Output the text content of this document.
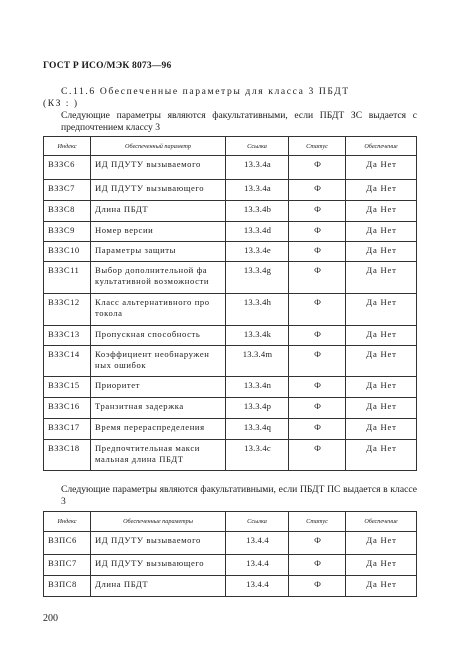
ГОСТ Р ИСО/МЭК 8073—96
С.11.6 Обеспеченные параметры для класса 3 ПБДТ
(КЗ : )
Следующие параметры являются факультативными, если ПБДТ ЗС выдается с предпочтением классу 3
Индекс	Обеспеченный параметр	Ссылка	Статус	Обеспечение
ВЗЗС6	ИД ПДУТУ вызываемого	13.3.4a	Ф	Да Нет
ВЗЗС7	ИД ПДУТУ вызывающего	13.3.4a	Ф	Да Нет
ВЗЗС8	Длина ПБДТ	13.3.4b	Ф	Да Нет
ВЗЗС9	Номер версии	13.3.4d	Ф	Да Нет
ВЗЗС10	Параметры защиты	13.3.4е	Ф	Да Нет
ВЗЗС11	Выбор дополнительной фа культативной возможности	13.3.4g	Ф	Да Нет
ВЗЗС12	Класс альтернативного про токола	13.3.4h	Ф	Да Нет
ВЗЗС13	Пропускная способность	13.3.4k	Ф	Да Нет
ВЗЗС14	Коэффициент необнаружен ных ошибок	13.3.4m	Ф	Да Нет
ВЗЗС15	Приоритет	13.3.4n	Ф	Да Нет
ВЗЗС16	Транзитная задержка	13.3.4p	Ф	Да Нет
ВЗЗС17	Время перераспределения	13.3.4q	Ф	Да Нет
ВЗЗС18	Предпочтительная макси мальная длина ПБДТ	13.3.4с	Ф	Да Нет
Следующие параметры являются факультативными, если ПБДТ ПС выдается в классе 3
Индекс	Обеспеченные параметры	Ссылка	Статус	Обеспечение
ВЗПС6	ИД ПДУТУ вызываемого	13.4.4	Ф	Да Нет
ВЗПС7	ИД ПДУТУ вызывающего	13.4.4	Ф	Да Нет
ВЗПС8	Длина ПБДТ	13.4.4	Ф	Да Нет
200
